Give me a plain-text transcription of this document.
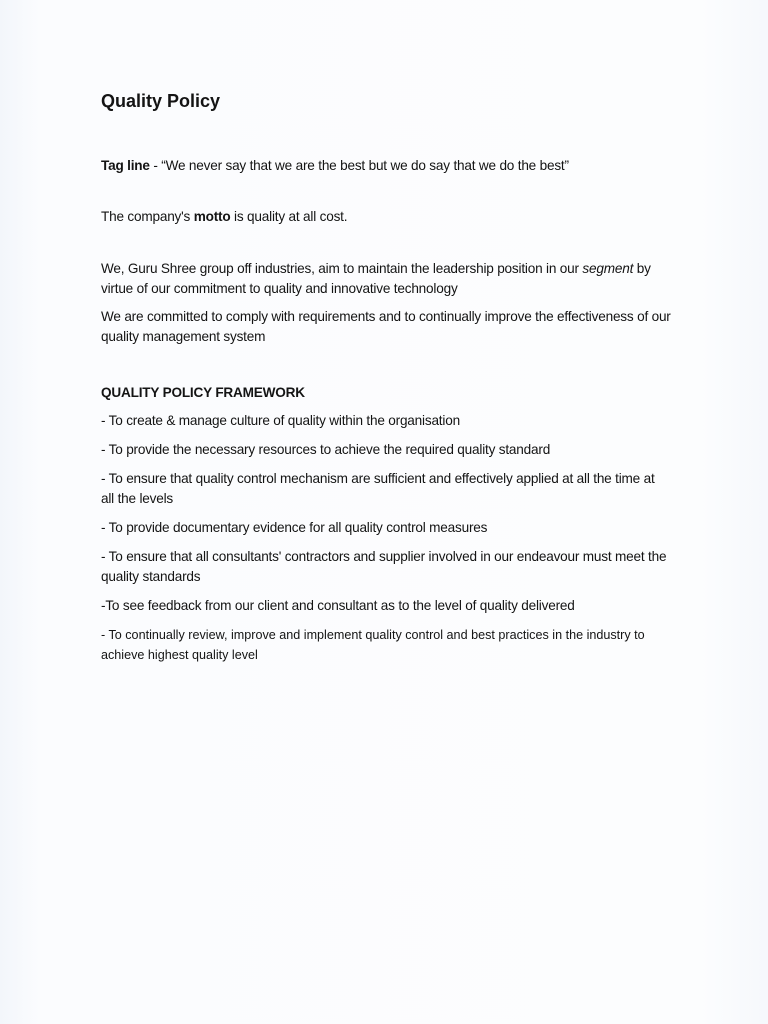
Quality Policy

Tag line - “We never say that we are the best but we do say that we do the best”

The company's motto is quality at all cost.

We, Guru Shree group off industries, aim to maintain the leadership position in our segment by virtue of our commitment to quality and innovative technology

We are committed to comply with requirements and to continually improve the effectiveness of our quality management system

QUALITY POLICY FRAMEWORK
- To create & manage culture of quality within the organisation
- To provide the necessary resources to achieve the required quality standard
- To ensure that quality control mechanism are sufficient and effectively applied at all the time at all the levels
- To provide documentary evidence for all quality control measures
- To ensure that all consultants' contractors and supplier involved in our endeavour must meet the quality standards
-To see feedback from our client and consultant as to the level of quality delivered
- To continually review, improve and implement quality control and best practices in the industry to achieve highest quality level
